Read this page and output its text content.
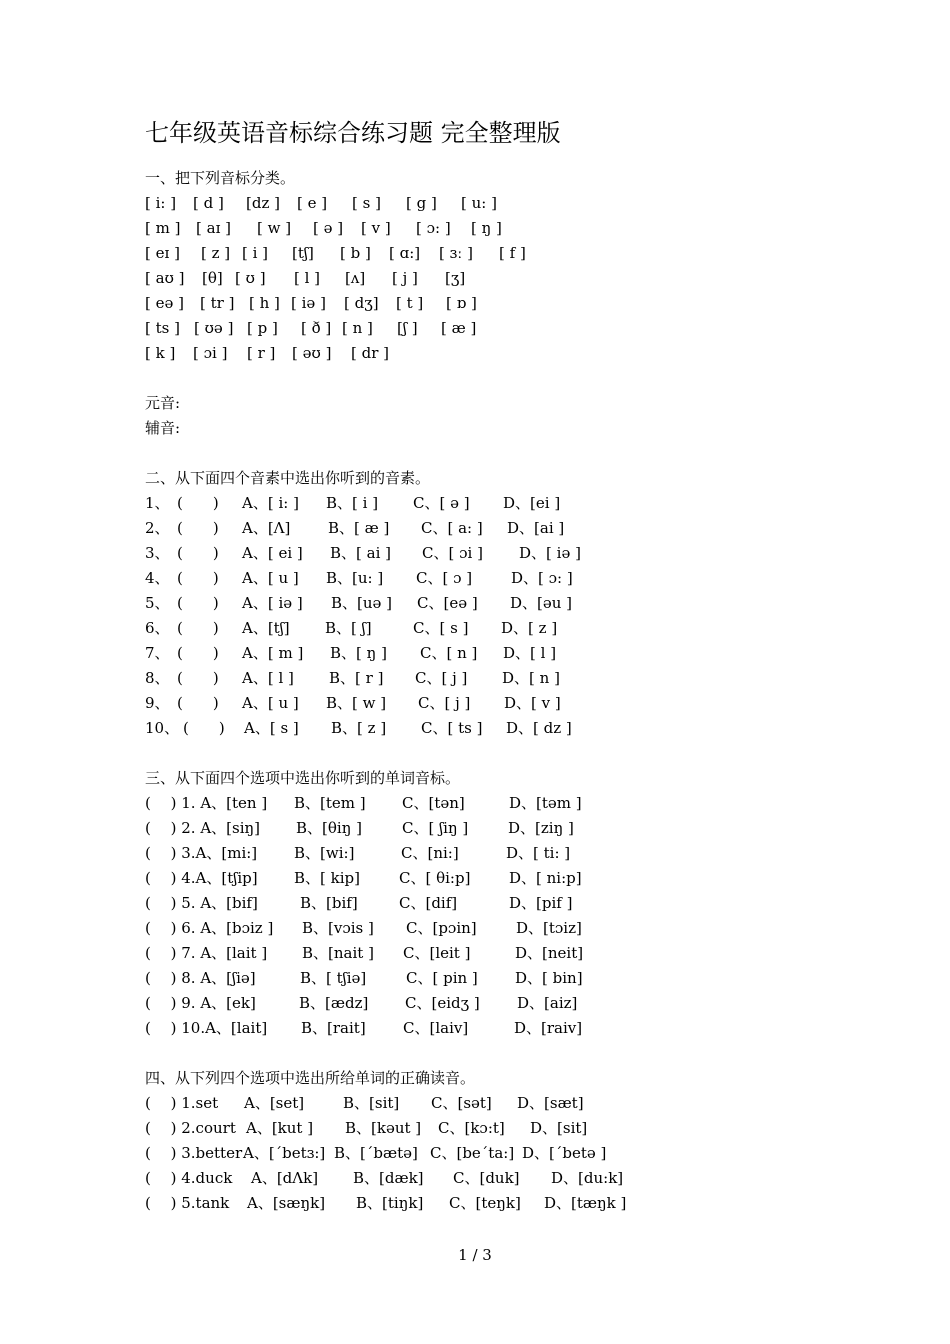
七年级英语音标综合练习题 完全整理版
一、把下列音标分类。
[ i: ] [ d ] [dz ] [ e ] [ s ] [ g ] [ u: ]
[ m ] [ aɪ ] [ w ] [ ə ] [ v ] [ ɔ: ] [ ŋ ]
[ eɪ ] [ z ] [ i ] [tʃ] [ b ] [ ɑ:] [ ɜː ] [ f ]
[ aʊ ] [θ] [ ʊ ] [ l ] [ʌ] [ j ] [ʒ]
[ eə ] [ tr ] [ h ] [ iə ] [ dʒ] [ t ] [ ɒ ]
[ ts ] [ ʊə ] [ p ] [ ð ] [ n ] [ʃ ] [ æ ]
[ k ] [ ɔi ] [ r ] [ əʊ ] [ dr ]
元音:
辅音:
二、从下面四个音素中选出你听到的音素。
1、 (　　) A、[ i: ] B、[ i ] C、[ ə ] D、[ei ]
2、 (　　) A、[Λ]	B、[ æ ] C、[ a: ] D、[ai ]
3、 (　　) A、[ ei ] B、[ ai ] C、[ ɔi ] D、[ iə ]
4、 (　　) A、[ u ] B、[u: ] C、[ ɔ ]	D、[ ɔ: ]
5、 (　　) A、[ iə ] B、[uə ] C、[eə ] D、[əu ]
6、 (　　) A、[tʃ] B、[ ʃ]	C、[ s ] D、[ z ]
7、 (　　) A、[ m ] B、[ ŋ ] C、[ n ] D、[ l ]
8、 (　　) A、[ l ] B、[ r ] C、[ j ] D、[ n ]
9、 (　　) A、[ u ] B、[ w ] C、[ j ] D、[ v ]
10、 (　　) A、[ s ] B、[ z ] C、[ ts ] D、[ dz ]
三、从下面四个选项中选出你听到的单词音标。
(　 ) 1. A、[ten ] B、[tem ] C、[tən]	D、[təm ]
(　 ) 2. A、[siŋ] B、[θiŋ ]	C、[ ʃiŋ ]	D、[ziŋ ]
(　 ) 3.A、[mi:] B、[wi:]	C、[ni:]	D、[ ti: ]
(　 ) 4.A、[tʃip] B、[ kip]	C、[ θi:p]	D、[ ni:p]
(　 ) 5. A、[bif]	B、[bif]	C、[dif]	D、[pif ]
(　 ) 6. A、[bɔiz ] B、[vɔis ] C、[pɔin]	D、[tɔiz]
(　 ) 7. A、[lait ] B、[nait ] C、[leit ]	D、[neit]
(　 ) 8. A、[ʃiə]	B、[ tʃiə]	C、[ pin ] D、[ bin]
(　 ) 9. A、[ek]	B、[ædz] C、[eidʒ ] D、[aiz]
(　 ) 10.A、[lait] B、[rait] C、[laiv]	D、[raiv]
四、从下列四个选项中选出所给单词的正确读音。
(　 ) 1.set A、[set]	B、[sit] C、[sət] D、[sæt]
(　 ) 2.court A、[kut ] B、[kəut ] C、[kɔ:t] D、[sit]
(　 ) 3.better A、[΄betɜ:] B、[΄bætə] C、[be΄ta:] D、[΄betə ]
(　 ) 4.duck A、[dΛk] B、[dæk] C、[duk] D、[du:k]
(　 ) 5.tank A、[sæŋk] B、[tiŋk] C、[teŋk] D、[tæŋk ]
1 / 3
